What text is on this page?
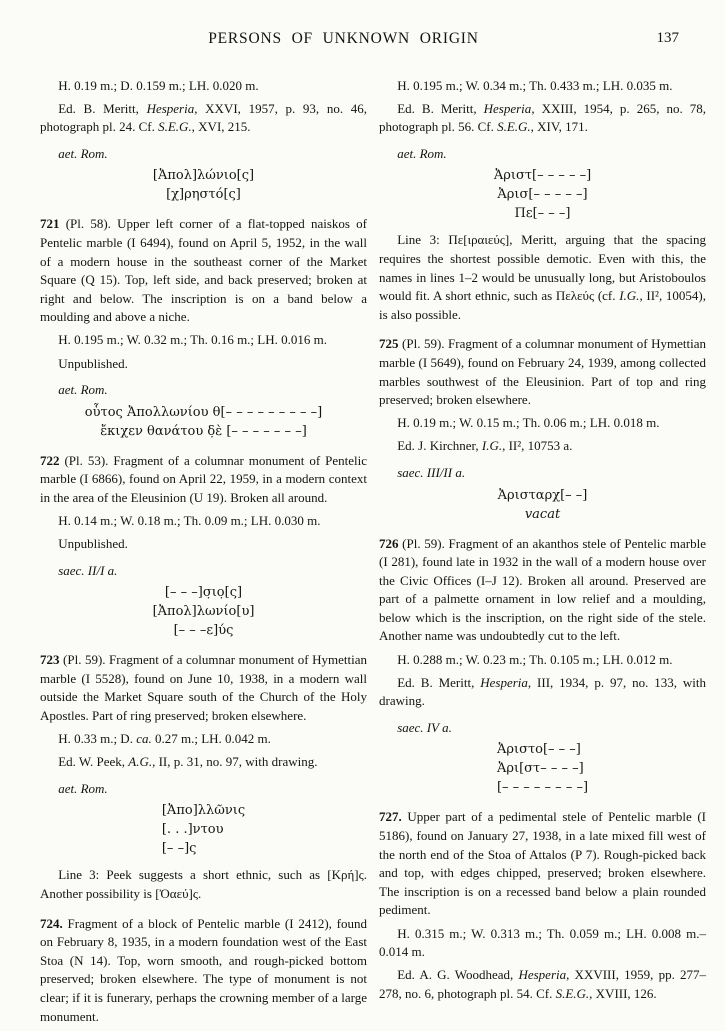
PERSONS OF UNKNOWN ORIGIN	137
H. 0.19 m.; D. 0.159 m.; LH. 0.020 m.
Ed. B. Meritt, Hesperia, XXVI, 1957, p. 93, no. 46, photograph pl. 24. Cf. S.E.G., XVI, 215.
aet. Rom.
[Ἀπολ]λώνιο[ς]
[χ]ρηστό[ς]
721 (Pl. 58). Upper left corner of a flat-topped naiskos of Pentelic marble (I 6494), found on April 5, 1952, in the wall of a modern house in the southeast corner of the Market Square (Q 15). Top, left side, and back preserved; broken at right and below. The inscription is on a band below a moulding and above a niche.
H. 0.195 m.; W. 0.32 m.; Th. 0.16 m.; LH. 0.016 m.
Unpublished.
aet. Rom.
οὗτος Ἀπολλωνίου θ[– – – – – – – – –]
ἔκιχεν θανάτου δ̣ὲ [– – – – – – –]
722 (Pl. 53). Fragment of a columnar monument of Pentelic marble (I 6866), found on April 22, 1959, in a modern context in the area of the Eleusinion (U 19). Broken all around.
H. 0.14 m.; W. 0.18 m.; Th. 0.09 m.; LH. 0.030 m.
Unpublished.
saec. II/I a.
[– – –]σ̣ιο̣[ς]
[Ἀπολ]λωνίο[υ]
[– – –ε]ύς
723 (Pl. 59). Fragment of a columnar monument of Hymettian marble (I 5528), found on June 10, 1938, in a modern wall outside the Market Square south of the Church of the Holy Apostles. Part of ring preserved; broken elsewhere.
H. 0.33 m.; D. ca. 0.27 m.; LH. 0.042 m.
Ed. W. Peek, A.G., II, p. 31, no. 97, with drawing.
aet. Rom.
[Ἀπο]λλῶνις
[. . .]ντου
[– –]ς
Line 3: Peek suggests a short ethnic, such as [Κρή]ς. Another possibility is [Ὀαεύ]ς.
724. Fragment of a block of Pentelic marble (I 2412), found on February 8, 1935, in a modern foundation west of the East Stoa (N 14). Top, worn smooth, and rough-picked bottom preserved; broken elsewhere. The type of monument is not clear; if it is funerary, perhaps the crowning member of a large monument.
H. 0.195 m.; W. 0.34 m.; Th. 0.433 m.; LH. 0.035 m.
Ed. B. Meritt, Hesperia, XXIII, 1954, p. 265, no. 78, photograph pl. 56. Cf. S.E.G., XIV, 171.
aet. Rom.
Ἀριστ[– – – – –]
Ἀρισ[– – – – –]
Πε[– – –]
Line 3: Πε[ιραιεύς], Meritt, arguing that the spacing requires the shortest possible demotic. Even with this, the names in lines 1–2 would be unusually long, but Aristoboulos would fit. A short ethnic, such as Πελεύς (cf. I.G., II², 10054), is also possible.
725 (Pl. 59). Fragment of a columnar monument of Hymettian marble (I 5649), found on February 24, 1939, among collected marbles southwest of the Eleusinion. Part of top and ring preserved; broken elsewhere.
H. 0.19 m.; W. 0.15 m.; Th. 0.06 m.; LH. 0.018 m.
Ed. J. Kirchner, I.G., II², 10753 a.
saec. III/II a.
Ἀρισταρχ[– –]
vacat
726 (Pl. 59). Fragment of an akanthos stele of Pentelic marble (I 281), found late in 1932 in the wall of a modern house over the Civic Offices (I–J 12). Broken all around. Preserved are part of a palmette ornament in low relief and a moulding, below which is the inscription, on the right side of the stele. Another name was undoubtedly cut to the left.
H. 0.288 m.; W. 0.23 m.; Th. 0.105 m.; LH. 0.012 m.
Ed. B. Meritt, Hesperia, III, 1934, p. 97, no. 133, with drawing.
saec. IV a.
Ἀριστο[– – –]
Ἀρι[στ– – – –]
[– – – – – – – –]
727. Upper part of a pedimental stele of Pentelic marble (I 5186), found on January 27, 1938, in a late mixed fill west of the north end of the Stoa of Attalos (P 7). Rough-picked back and top, with edges chipped, preserved; broken elsewhere. The inscription is on a recessed band below a plain rounded pediment.
H. 0.315 m.; W. 0.313 m.; Th. 0.059 m.; LH. 0.008 m.–0.014 m.
Ed. A. G. Woodhead, Hesperia, XXVIII, 1959, pp. 277–278, no. 6, photograph pl. 54. Cf. S.E.G., XVIII, 126.
